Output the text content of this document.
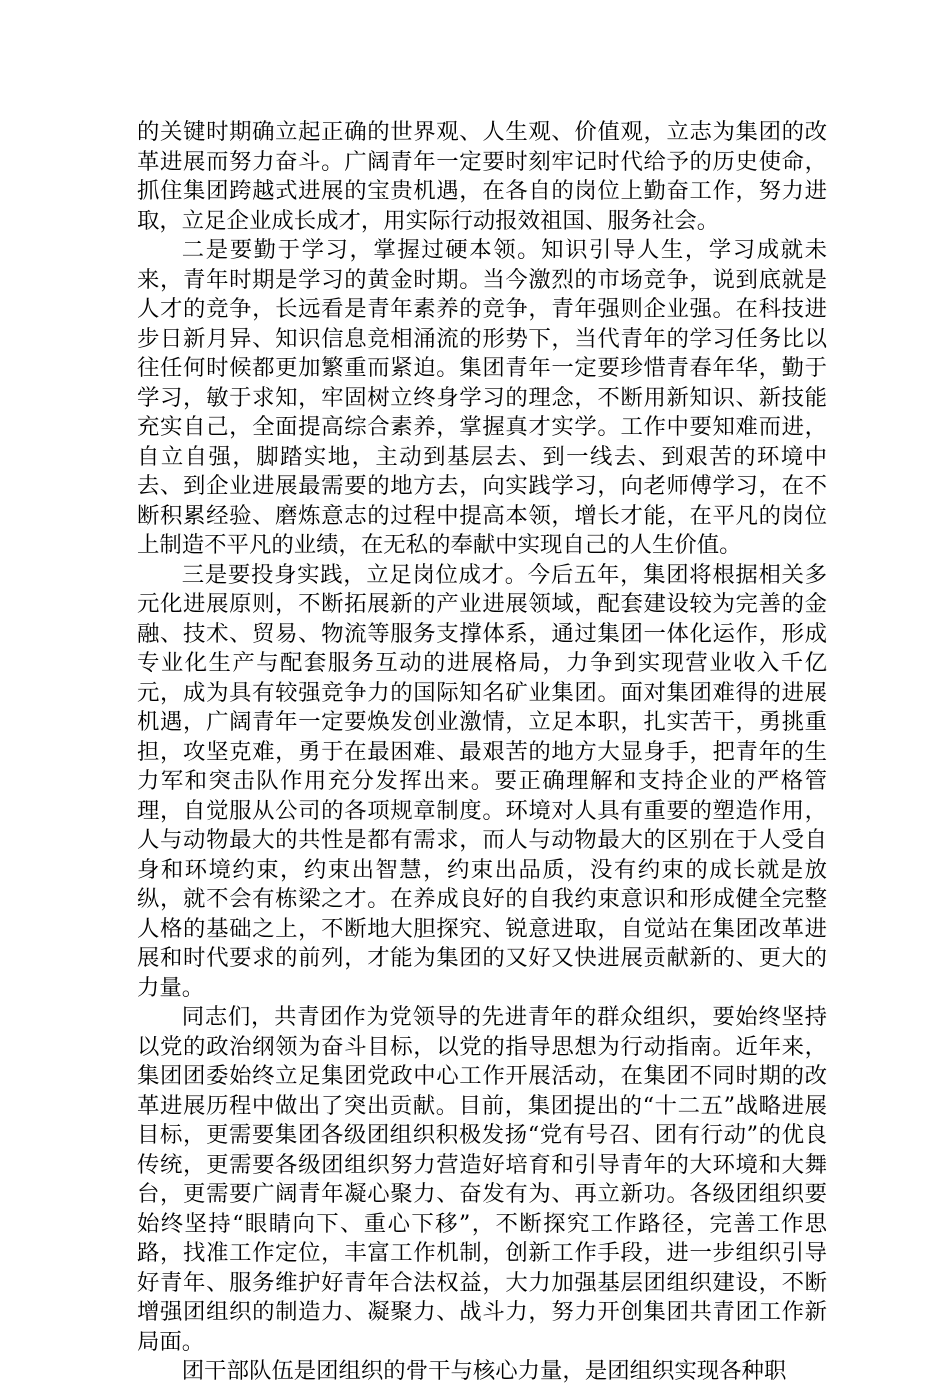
的关键时期确立起正确的世界观、人生观、价值观，立志为集团的改革进展而努力奋斗。广阔青年一定要时刻牢记时代给予的历史使命，抓住集团跨越式进展的宝贵机遇，在各自的岗位上勤奋工作，努力进取，立足企业成长成才，用实际行动报效祖国、服务社会。

二是要勤于学习，掌握过硬本领。知识引导人生，学习成就未来，青年时期是学习的黄金时期。当今激烈的市场竞争，说到底就是人才的竞争，长远看是青年素养的竞争，青年强则企业强。在科技进步日新月异、知识信息竞相涌流的形势下，当代青年的学习任务比以往任何时候都更加繁重而紧迫。集团青年一定要珍惜青春年华，勤于学习，敏于求知，牢固树立终身学习的理念，不断用新知识、新技能充实自己，全面提高综合素养，掌握真才实学。工作中要知难而进，自立自强，脚踏实地，主动到基层去、到一线去、到艰苦的环境中去、到企业进展最需要的地方去，向实践学习，向老师傅学习，在不断积累经验、磨炼意志的过程中提高本领，增长才能，在平凡的岗位上制造不平凡的业绩，在无私的奉献中实现自己的人生价值。

三是要投身实践，立足岗位成才。今后五年，集团将根据相关多元化进展原则，不断拓展新的产业进展领域，配套建设较为完善的金融、技术、贸易、物流等服务支撑体系，通过集团一体化运作，形成专业化生产与配套服务互动的进展格局，力争到实现营业收入千亿元，成为具有较强竞争力的国际知名矿业集团。面对集团难得的进展机遇，广阔青年一定要焕发创业激情，立足本职，扎实苦干，勇挑重担，攻坚克难，勇于在最困难、最艰苦的地方大显身手，把青年的生力军和突击队作用充分发挥出来。要正确理解和支持企业的严格管理，自觉服从公司的各项规章制度。环境对人具有重要的塑造作用，人与动物最大的共性是都有需求，而人与动物最大的区别在于人受自身和环境约束，约束出智慧，约束出品质，没有约束的成长就是放纵，就不会有栋梁之才。在养成良好的自我约束意识和形成健全完整人格的基础之上，不断地大胆探究、锐意进取，自觉站在集团改革进展和时代要求的前列，才能为集团的又好又快进展贡献新的、更大的力量。

同志们，共青团作为党领导的先进青年的群众组织，要始终坚持以党的政治纲领为奋斗目标，以党的指导思想为行动指南。近年来，集团团委始终立足集团党政中心工作开展活动，在集团不同时期的改革进展历程中做出了突出贡献。目前，集团提出的“十二五”战略进展目标，更需要集团各级团组织积极发扬“党有号召、团有行动”的优良传统，更需要各级团组织努力营造好培育和引导青年的大环境和大舞台，更需要广阔青年凝心聚力、奋发有为、再立新功。各级团组织要始终坚持“眼睛向下、重心下移”，不断探究工作路径，完善工作思路，找准工作定位，丰富工作机制，创新工作手段，进一步组织引导好青年、服务维护好青年合法权益，大力加强基层团组织建设，不断增强团组织的制造力、凝聚力、战斗力，努力开创集团共青团工作新局面。

团干部队伍是团组织的骨干与核心力量，是团组织实现各种职
